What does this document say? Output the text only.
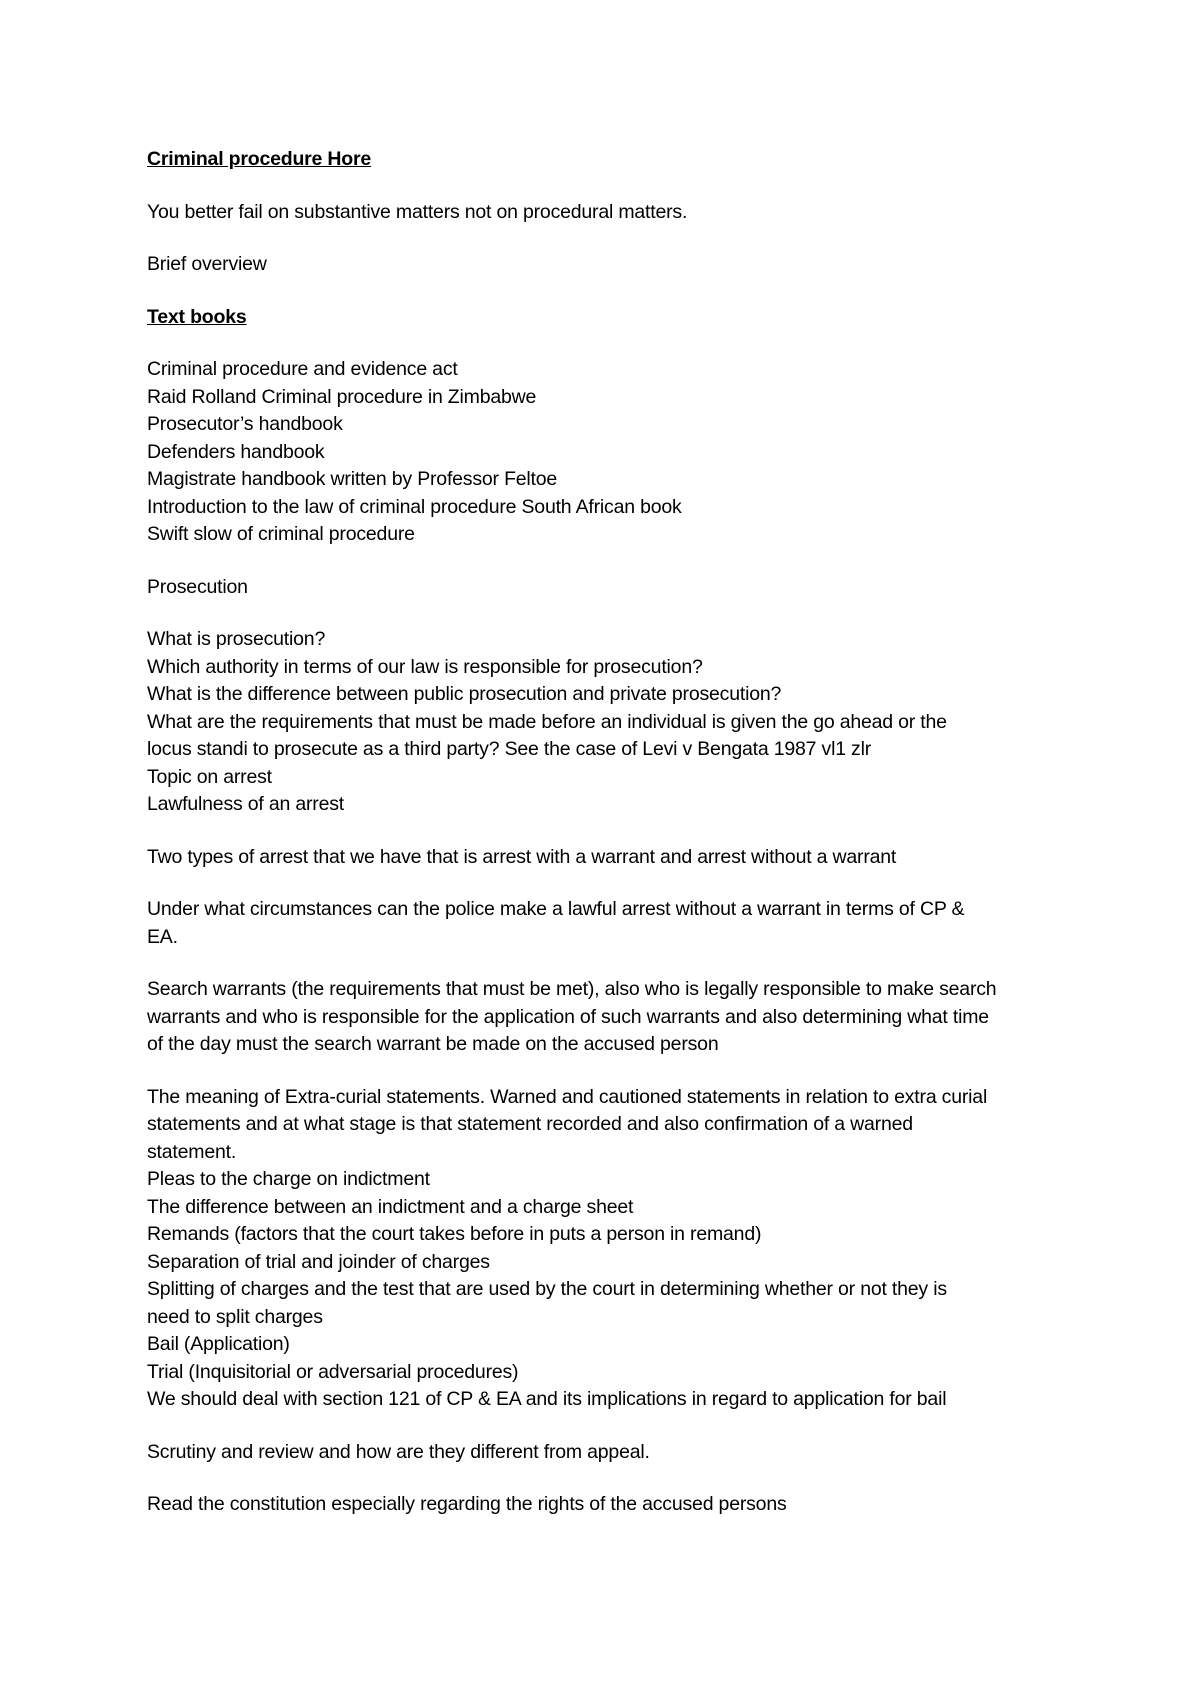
Criminal procedure Hore

You better fail on substantive matters not on procedural matters.

Brief overview

Text books

Criminal procedure and evidence act
Raid Rolland Criminal procedure in Zimbabwe
Prosecutor’s handbook
Defenders handbook
Magistrate handbook written by Professor Feltoe
Introduction to the law of criminal procedure South African book
Swift slow of criminal procedure

Prosecution

What is prosecution?
Which authority in terms of our law is responsible for prosecution?
What is the difference between public prosecution and private prosecution?
What are the requirements that must be made before an individual is given the go ahead or the
locus standi to prosecute as a third party? See the case of Levi v Bengata 1987 vl1 zlr
Topic on arrest
Lawfulness of an arrest

Two types of arrest that we have that is arrest with a warrant and arrest without a warrant

Under what circumstances can the police make a lawful arrest without a warrant in terms of CP &
EA.
Search warrants (the requirements that must be met), also who is legally responsible to make search
warrants and who is responsible for the application of such warrants and also determining what time
of the day must the search warrant be made on the accused person
The meaning of Extra-curial statements. Warned and cautioned statements in relation to extra curial
statements and at what stage is that statement recorded and also confirmation of a warned
statement.
Pleas to the charge on indictment
The difference between an indictment and a charge sheet
Remands (factors that the court takes before in puts a person in remand)
Separation of trial and joinder of charges
Splitting of charges and the test that are used by the court in determining whether or not they is
need to split charges
Bail (Application)
Trial (Inquisitorial or adversarial procedures)
We should deal with section 121 of CP & EA and its implications in regard to application for bail

Scrutiny and review and how are they different from appeal.

Read the constitution especially regarding the rights of the accused persons
